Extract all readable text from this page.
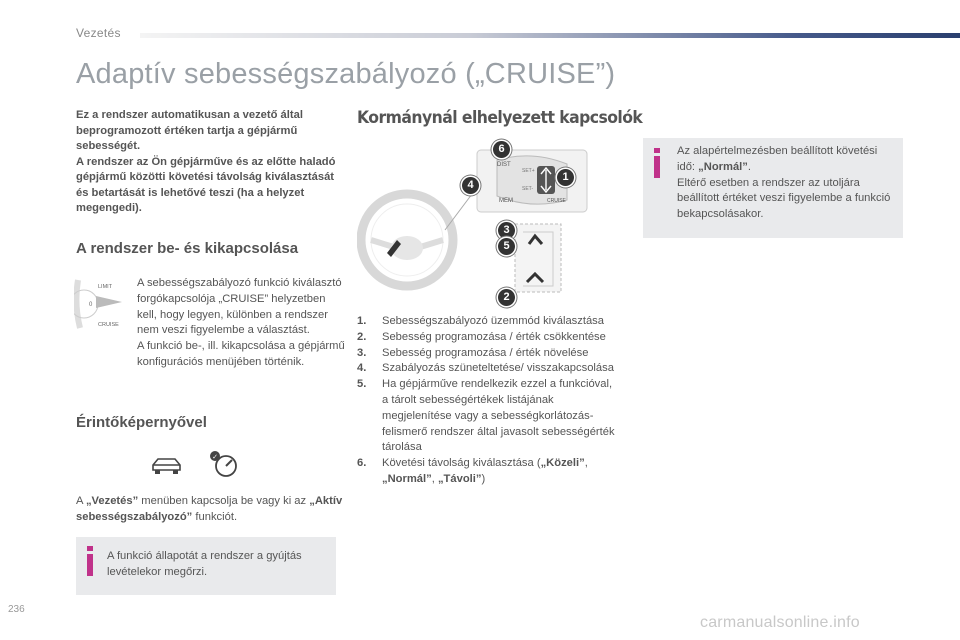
Vezetés
Adaptív sebességszabályozó („CRUISE”)

Ez a rendszer automatikusan a vezető által beprogramozott értéken tartja a gépjármű sebességét.

A rendszer az Ön gépjárművе és az előtte haladó gépjármű közötti követési távolság kiválasztását és betartását is lehetővé teszi (ha a helyzet megengedi).

A rendszer be- és kikapcsolása
LIMIT
0
CRUISE
A sebességszabályozó funkció kiválasztó forgókapcsolója „CRUISE” helyzetben kell, hogy legyen, különben a rendszer nem veszi figyelembe a választást.
A funkció be-, ill. kikapcsolása a gépjármű konfigurációs menüjében történik.
Érintőképernyővel
✓
A „Vezetés” menüben kapcsolja be vagy ki az „Aktív sebességszabályozó” funkciót.
A funkció állapotát a rendszer a gyújtás levételekor megőrzi.
Kormánynál elhelyezett kapcsolók
DIST
MEM	CRUISE
SET+
SET-
6
4
1
3
5
2
1.	Sebességszabályozó üzemmód kiválasztása
2.	Sebesség programozása / érték csökkentése
3.	Sebesség programozása / érték növelése
4.	Szabályozás szüneteltetése/ visszakapcsolása
5.	Ha gépjárművе rendelkezik ezzel a funkcióval, a tárolt sebességértékek listájának megjelenítése vagy a sebességkorlátozás-felismerő rendszer által javasolt sebességérték tárolása
6.	Követési távolság kiválasztása („Közeli”, „Normál”, „Távoli”)
Az alapértelmezésben beállított követési idő: „Normál”.
Eltérő esetben a rendszer az utoljára beállított értéket veszi figyelembe a funkció bekapcsolásakor.
236
carmanualsonline.info
